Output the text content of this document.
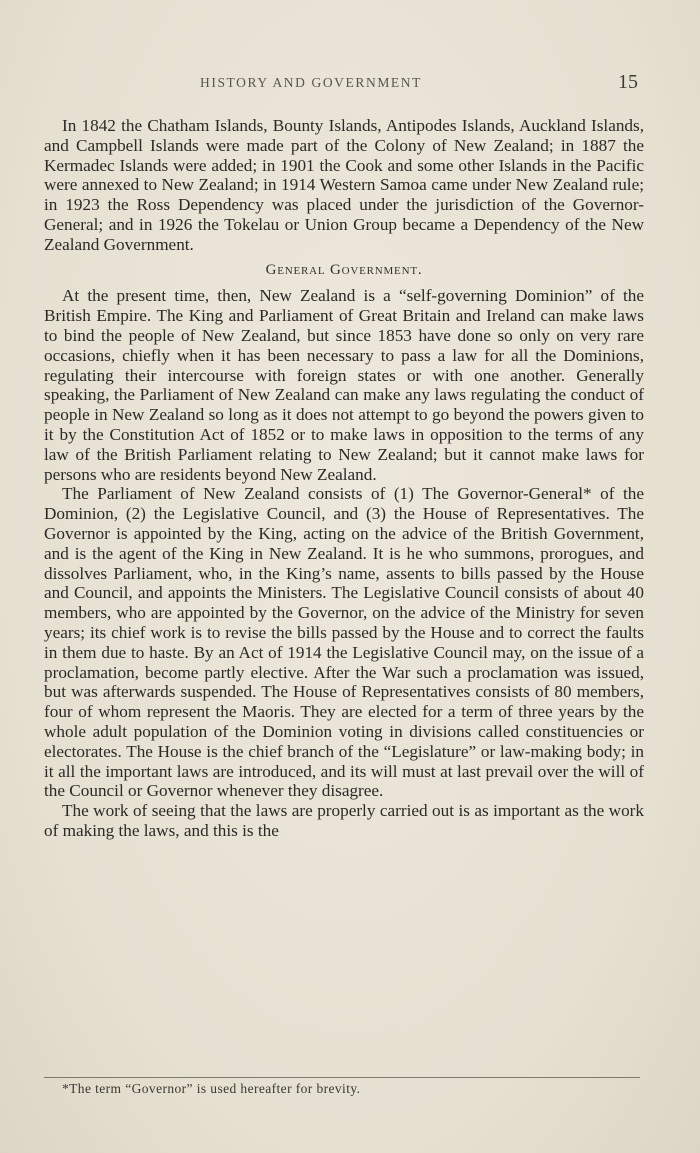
HISTORY AND GOVERNMENT	15

In 1842 the Chatham Islands, Bounty Islands, Antipodes Islands, Auckland Islands, and Campbell Islands were made part of the Colony of New Zealand; in 1887 the Kermadec Islands were added; in 1901 the Cook and some other Islands in the Pacific were annexed to New Zealand; in 1914 Western Samoa came under New Zealand rule; in 1923 the Ross Dependency was placed under the jurisdiction of the Governor-General; and in 1926 the Tokelau or Union Group became a Dependency of the New Zealand Government.

General Government.

At the present time, then, New Zealand is a “self-governing Dominion” of the British Empire. The King and Parliament of Great Britain and Ireland can make laws to bind the people of New Zealand, but since 1853 have done so only on very rare occasions, chiefly when it has been necessary to pass a law for all the Dominions, regulating their intercourse with foreign states or with one another. Generally speaking, the Parliament of New Zealand can make any laws regulating the conduct of people in New Zealand so long as it does not attempt to go beyond the powers given to it by the Constitution Act of 1852 or to make laws in opposition to the terms of any law of the British Parliament relating to New Zealand; but it cannot make laws for persons who are residents beyond New Zealand.

The Parliament of New Zealand consists of (1) The Governor-General* of the Dominion, (2) the Legislative Council, and (3) the House of Representatives. The Governor is appointed by the King, acting on the advice of the British Government, and is the agent of the King in New Zealand. It is he who summons, prorogues, and dissolves Parliament, who, in the King’s name, assents to bills passed by the House and Council, and appoints the Ministers. The Legislative Council consists of about 40 members, who are appointed by the Governor, on the advice of the Ministry for seven years; its chief work is to revise the bills passed by the House and to correct the faults in them due to haste. By an Act of 1914 the Legislative Council may, on the issue of a proclamation, become partly elective. After the War such a proclamation was issued, but was afterwards suspended. The House of Representatives consists of 80 members, four of whom represent the Maoris. They are elected for a term of three years by the whole adult population of the Dominion voting in divisions called constituencies or electorates. The House is the chief branch of the “Legislature” or law-making body; in it all the important laws are introduced, and its will must at last prevail over the will of the Council or Governor whenever they disagree.

The work of seeing that the laws are properly carried out is as important as the work of making the laws, and this is the

*The term “Governor” is used hereafter for brevity.
